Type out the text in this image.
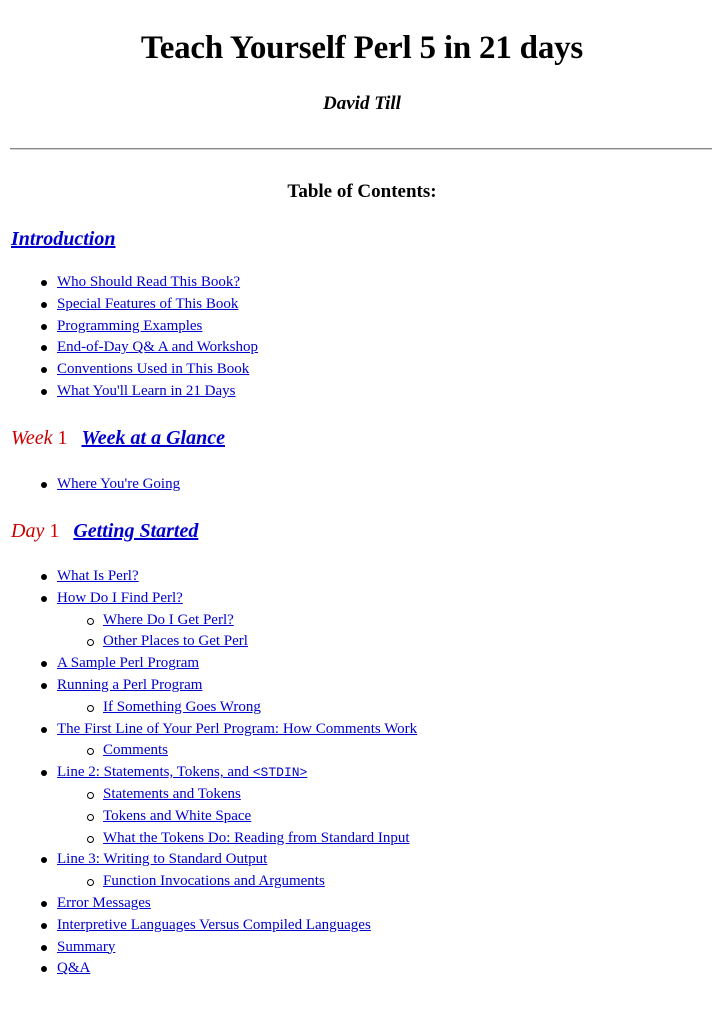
Teach Yourself Perl 5 in 21 days
David Till
Table of Contents:
Introduction
Who Should Read This Book?
Special Features of This Book
Programming Examples
End-of-Day Q& A and Workshop
Conventions Used in This Book
What You'll Learn in 21 Days
Week 1 Week at a Glance
Where You're Going
Day 1 Getting Started
What Is Perl?
How Do I Find Perl?
Where Do I Get Perl?
Other Places to Get Perl
A Sample Perl Program
Running a Perl Program
If Something Goes Wrong
The First Line of Your Perl Program: How Comments Work
Comments
Line 2: Statements, Tokens, and <STDIN>
Statements and Tokens
Tokens and White Space
What the Tokens Do: Reading from Standard Input
Line 3: Writing to Standard Output
Function Invocations and Arguments
Error Messages
Interpretive Languages Versus Compiled Languages
Summary
Q&A
